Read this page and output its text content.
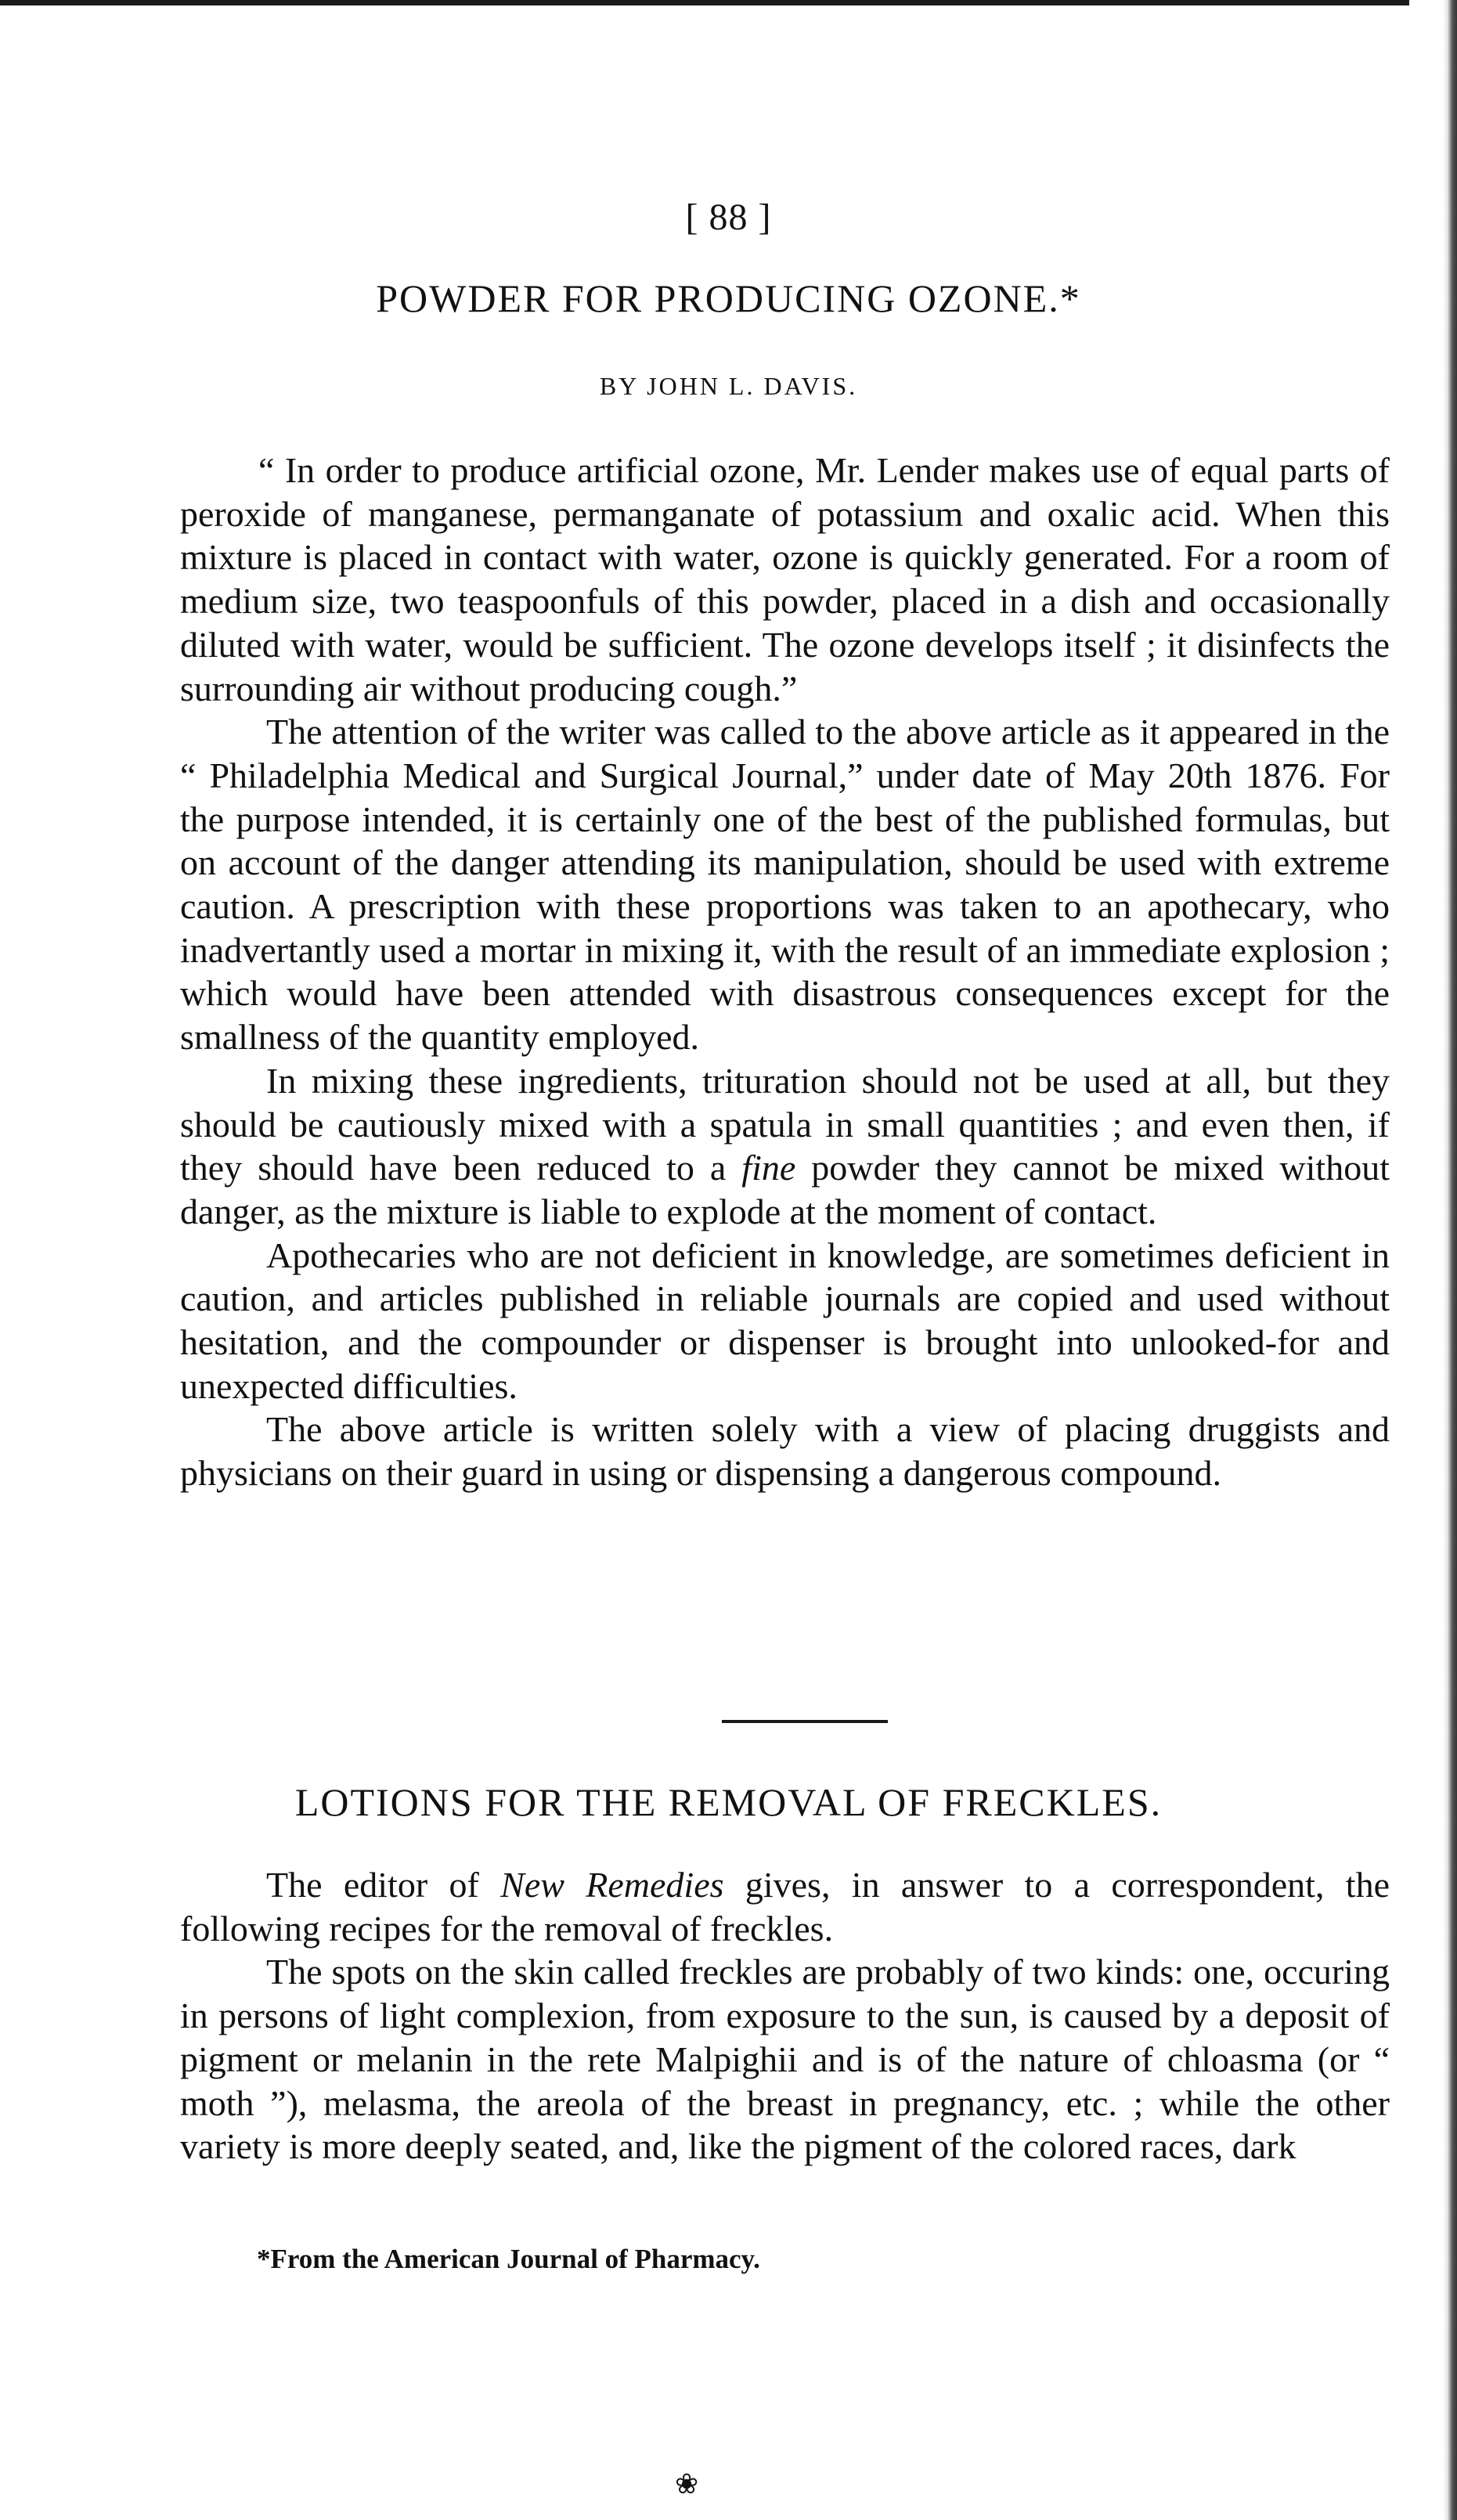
[ 88 ]
POWDER FOR PRODUCING OZONE.*
BY JOHN L. DAVIS.

“ In order to produce artificial ozone, Mr. Lender makes use of equal parts of peroxide of manganese, permanganate of potassium and oxalic acid. When this mixture is placed in contact with water, ozone is quickly generated. For a room of medium size, two teaspoonfuls of this powder, placed in a dish and occasionally diluted with water, would be sufficient. The ozone develops itself ; it disinfects the surrounding air without producing cough.”

The attention of the writer was called to the above article as it appeared in the “ Philadelphia Medical and Surgical Journal,” under date of May 20th 1876. For the purpose intended, it is certainly one of the best of the published formulas, but on account of the danger attending its manipulation, should be used with extreme caution. A prescription with these proportions was taken to an apothecary, who inadvertantly used a mortar in mixing it, with the result of an immediate explosion ; which would have been attended with disastrous consequences except for the smallness of the quantity employed.

In mixing these ingredients, trituration should not be used at all, but they should be cautiously mixed with a spatula in small quantities ; and even then, if they should have been reduced to a fine powder they cannot be mixed without danger, as the mixture is liable to explode at the moment of contact.

Apothecaries who are not deficient in knowledge, are sometimes deficient in caution, and articles published in reliable journals are copied and used without hesitation, and the compounder or dispenser is brought into unlooked-for and unexpected difficulties.

The above article is written solely with a view of placing druggists and physicians on their guard in using or dispensing a dangerous compound.

LOTIONS FOR THE REMOVAL OF FRECKLES.

The editor of New Remedies gives, in answer to a correspondent, the following recipes for the removal of freckles.

The spots on the skin called freckles are probably of two kinds: one, occuring in persons of light complexion, from exposure to the sun, is caused by a deposit of pigment or melanin in the rete Malpighii and is of the nature of chloasma (or “ moth ”), melasma, the areola of the breast in pregnancy, etc. ; while the other variety is more deeply seated, and, like the pigment of the colored races, dark

*From the American Journal of Pharmacy.
❀
